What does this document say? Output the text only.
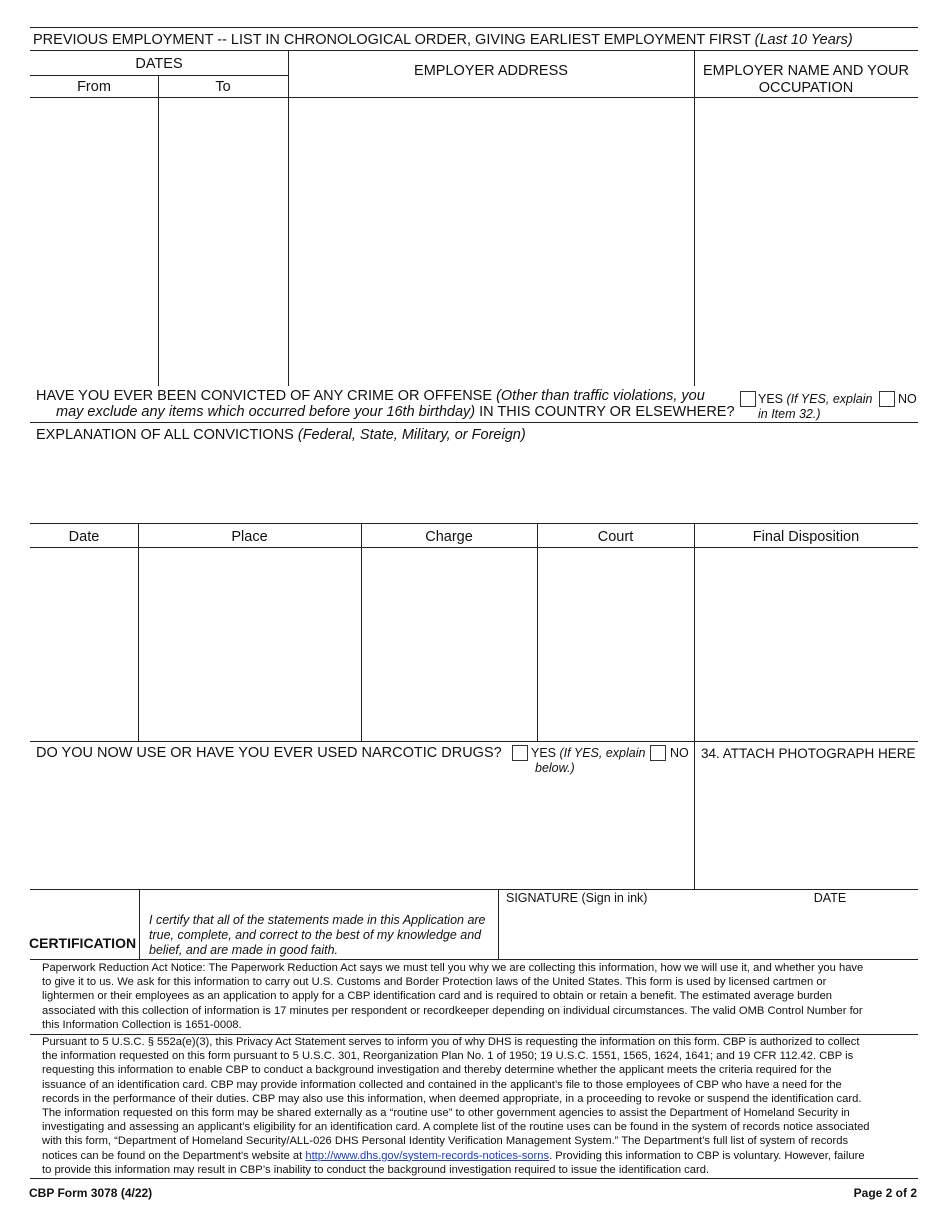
PREVIOUS EMPLOYMENT -- LIST IN CHRONOLOGICAL ORDER, GIVING EARLIEST EMPLOYMENT FIRST (Last 10 Years)
DATES
From	To
EMPLOYER ADDRESS	EMPLOYER NAME AND YOUR
OCCUPATION
HAVE YOU EVER BEEN CONVICTED OF ANY CRIME OR OFFENSE (Other than traffic violations, you
may exclude any items which occurred before your 16th birthday) IN THIS COUNTRY OR ELSEWHERE?
YES (If YES, explain NO
in Item 32.)
EXPLANATION OF ALL CONVICTIONS (Federal, State, Military, or Foreign)
Date	Place	Charge	Court	Final Disposition
DO YOU NOW USE OR HAVE YOU EVER USED NARCOTIC DRUGS? YES (If YES, explain NO
below.)
34. ATTACH PHOTOGRAPH HERE
CERTIFICATION
I certify that all of the statements made in this Application are
true, complete, and correct to the best of my knowledge and
belief, and are made in good faith.
SIGNATURE (Sign in ink)	DATE
Paperwork Reduction Act Notice: The Paperwork Reduction Act says we must tell you why we are collecting this information, how we will use it, and whether you have
to give it to us. We ask for this information to carry out U.S. Customs and Border Protection laws of the United States. This form is used by licensed cartmen or
lightermen or their employees as an application to apply for a CBP identification card and is required to obtain or retain a benefit. The estimated average burden
associated with this collection of information is 17 minutes per respondent or recordkeeper depending on individual circumstances. The valid OMB Control Number for
this Information Collection is 1651-0008.
Pursuant to 5 U.S.C. § 552a(e)(3), this Privacy Act Statement serves to inform you of why DHS is requesting the information on this form. CBP is authorized to collect
the information requested on this form pursuant to 5 U.S.C. 301, Reorganization Plan No. 1 of 1950; 19 U.S.C. 1551, 1565, 1624, 1641; and 19 CFR 112.42. CBP is
requesting this information to enable CBP to conduct a background investigation and thereby determine whether the applicant meets the criteria required for the
issuance of an identification card. CBP may provide information collected and contained in the applicant’s file to those employees of CBP who have a need for the
records in the performance of their duties. CBP may also use this information, when deemed appropriate, in a proceeding to revoke or suspend the identification card.
The information requested on this form may be shared externally as a “routine use” to other government agencies to assist the Department of Homeland Security in
investigating and assessing an applicant’s eligibility for an identification card. A complete list of the routine uses can be found in the system of records notice associated
with this form, “Department of Homeland Security/ALL-026 DHS Personal Identity Verification Management System.” The Department’s full list of system of records
notices can be found on the Department's website at http://www.dhs.gov/system-records-notices-sorns. Providing this information to CBP is voluntary. However, failure
to provide this information may result in CBP’s inability to conduct the background investigation required to issue the identification card.
CBP Form 3078 (4/22)	Page 2 of 2
